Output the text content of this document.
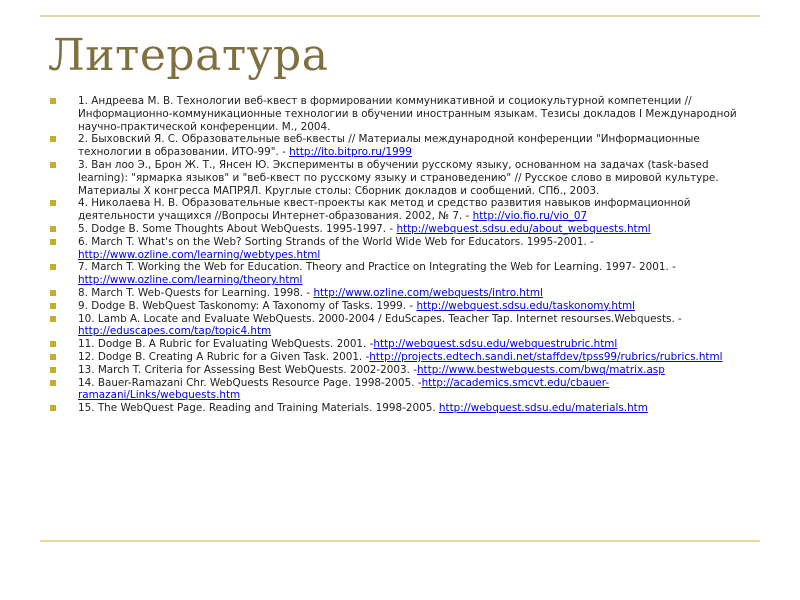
Литература
1. Андреева М. В. Технологии веб-квест в формировании коммуникативной и социокультурной компетенции // Информационно-коммуникационные технологии в обучении иностранным языкам. Тезисы докладов I Международной научно-практической конференции. М., 2004.
2. Быховский Я. С. Образовательные веб-квесты // Материалы международной конференции "Информационные технологии в образовании. ИТО-99". - http://ito.bitpro.ru/1999
3. Ван лоо Э., Брон Ж. Т., Янсен Ю. Эксперименты в обучении русскому языку, основанном на задачах (task-based learning): "ярмарка языков" и "веб-квест по русскому языку и страноведению" // Русское слово в мировой культуре. Материалы Х конгресса МАПРЯЛ. Круглые столы: Сборник докладов и сообщений. СПб., 2003.
4. Николаева Н. В. Образовательные квест-проекты как метод и средство развития навыков информационной деятельности учащихся //Вопросы Интернет-образования. 2002, № 7. - http://vio.fio.ru/vio_07
5. Dodge B. Some Thoughts About WebQuests. 1995-1997. - http://webquest.sdsu.edu/about_webquests.html
6. March T. What's on the Web? Sorting Strands of the World Wide Web for Educators. 1995-2001. - http://www.ozline.com/learning/webtypes.html
7. March T. Working the Web for Education. Theory and Practice on Integrating the Web for Learning. 1997- 2001. - http://www.ozline.com/learning/theory.html
8. March T. Web-Quests for Learning. 1998. - http://www.ozline.com/webquests/intro.html
9. Dodge B. WebQuest Taskonomy: A Taxonomy of Tasks. 1999. - http://webquest.sdsu.edu/taskonomy.html
10. Lamb A. Locate and Evaluate WebQuests. 2000-2004 / EduScapes. Teacher Tap. Internet resourses.Webquests. - http://eduscapes.com/tap/topic4.htm
11. Dodge B. A Rubric for Evaluating WebQuests. 2001. -http://webquest.sdsu.edu/webquestrubric.html
12. Dodge B. Creating A Rubric for a Given Task. 2001. -http://projects.edtech.sandi.net/staffdev/tpss99/rubrics/rubrics.html
13. March T. Criteria for Assessing Best WebQuests. 2002-2003. -http://www.bestwebquests.com/bwq/matrix.asp
14. Bauer-Ramazani Chr. WebQuests Resource Page. 1998-2005. -http://academics.smcvt.edu/cbauer-ramazani/Links/webquests.htm
15. The WebQuest Page. Reading and Training Materials. 1998-2005. http://webquest.sdsu.edu/materials.htm
